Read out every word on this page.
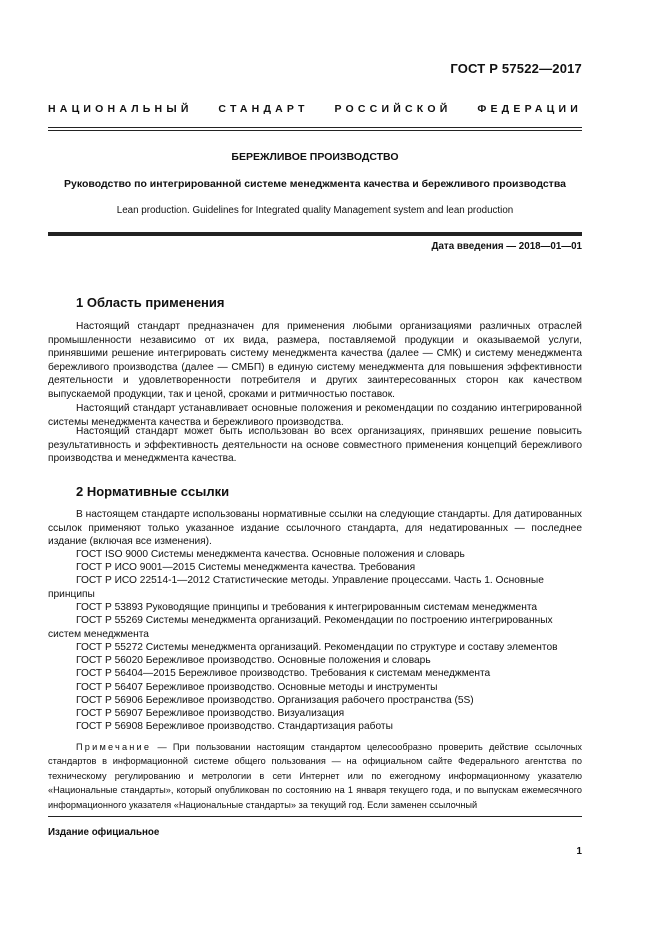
ГОСТ Р 57522—2017
НАЦИОНАЛЬНЫЙ СТАНДАРТ РОССИЙСКОЙ ФЕДЕРАЦИИ
БЕРЕЖЛИВОЕ ПРОИЗВОДСТВО
Руководство по интегрированной системе менеджмента качества и бережливого производства
Lean production. Guidelines for Integrated quality Management system and lean production
Дата введения — 2018—01—01
1 Область применения

Настоящий стандарт предназначен для применения любыми организациями различных отраслей промышленности независимо от их вида, размера, поставляемой продукции и оказываемой услуги, принявшими решение интегрировать систему менеджмента качества (далее — СМК) и систему менеджмента бережливого производства (далее — СМБП) в единую систему менеджмента для повышения эффективности деятельности и удовлетворенности потребителя и других заинтересованных сторон как качеством выпускаемой продукции, так и ценой, сроками и ритмичностью поставок.

Настоящий стандарт устанавливает основные положения и рекомендации по созданию интегрированной системы менеджмента качества и бережливого производства.

Настоящий стандарт может быть использован во всех организациях, принявших решение повысить результативность и эффективность деятельности на основе совместного применения концепций бережливого производства и менеджмента качества.

2 Нормативные ссылки

В настоящем стандарте использованы нормативные ссылки на следующие стандарты. Для датированных ссылок применяют только указанное издание ссылочного стандарта, для недатированных — последнее издание (включая все изменения).

ГОСТ ISO 9000 Системы менеджмента качества. Основные положения и словарь

ГОСТ Р ИСО 9001—2015 Системы менеджмента качества. Требования

ГОСТ Р ИСО 22514-1—2012 Статистические методы. Управление процессами. Часть 1. Основные принципы

ГОСТ Р 53893 Руководящие принципы и требования к интегрированным системам менеджмента

ГОСТ Р 55269 Системы менеджмента организаций. Рекомендации по построению интегрированных систем менеджмента

ГОСТ Р 55272 Системы менеджмента организаций. Рекомендации по структуре и составу элементов

ГОСТ Р 56020 Бережливое производство. Основные положения и словарь

ГОСТ Р 56404—2015 Бережливое производство. Требования к системам менеджмента

ГОСТ Р 56407 Бережливое производство. Основные методы и инструменты

ГОСТ Р 56906 Бережливое производство. Организация рабочего пространства (5S)

ГОСТ Р 56907 Бережливое производство. Визуализация

ГОСТ Р 56908 Бережливое производство. Стандартизация работы

Примечание — При пользовании настоящим стандартом целесообразно проверить действие ссылочных стандартов в информационной системе общего пользования — на официальном сайте Федерального агентства по техническому регулированию и метрологии в сети Интернет или по ежегодному информационному указателю «Национальные стандарты», который опубликован по состоянию на 1 января текущего года, и по выпускам ежемесячного информационного указателя «Национальные стандарты» за текущий год. Если заменен ссылочный

Издание официальное
1
